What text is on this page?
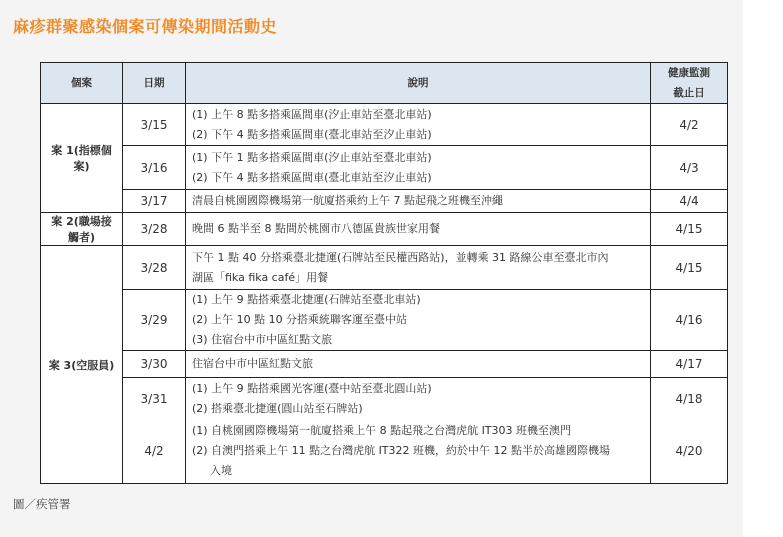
麻疹群聚感染個案可傳染期間活動史
個案	日期	說明	健康監測
截止日

案 1(指標個案)	3/15	(1) 上午 8 點多搭乘區間車(汐止車站至臺北車站)
(2) 下午 4 點多搭乘區間車(臺北車站至汐止車站)	4/2
	3/16	(1) 下午 1 點多搭乘區間車(汐止車站至臺北車站)
(2) 下午 4 點多搭乘區間車(臺北車站至汐止車站)	4/3
	3/17	清晨自桃園國際機場第一航廈搭乘約上午 7 點起飛之班機至沖繩	4/4
案 2(職場接觸者)	3/28	晚間 6 點半至 8 點間於桃園市八德區貴族世家用餐	4/15
案 3(空服員)	3/28	下午 1 點 40 分搭乘臺北捷運(石牌站至民權西路站)，並轉乘 31 路線公車至臺北市內
湖區「fika fika café」用餐	4/15
	3/29	(1) 上午 9 點搭乘臺北捷運(石牌站至臺北車站)
(2) 上午 10 點 10 分搭乘統聯客運至臺中站
(3) 住宿台中市中區紅點文旅	4/16
	3/30	住宿台中市中區紅點文旅	4/17
	3/31	(1) 上午 9 點搭乘國光客運(臺中站至臺北圓山站)
(2) 搭乘臺北捷運(圓山站至石牌站)	4/18
	4/2	(1) 自桃園國際機場第一航廈搭乘上午 8 點起飛之台灣虎航 IT303 班機至澳門
(2) 自澳門搭乘上午 11 點之台灣虎航 IT322 班機，約於中午 12 點半於高雄國際機場
入境	4/20
圖／疾管署
